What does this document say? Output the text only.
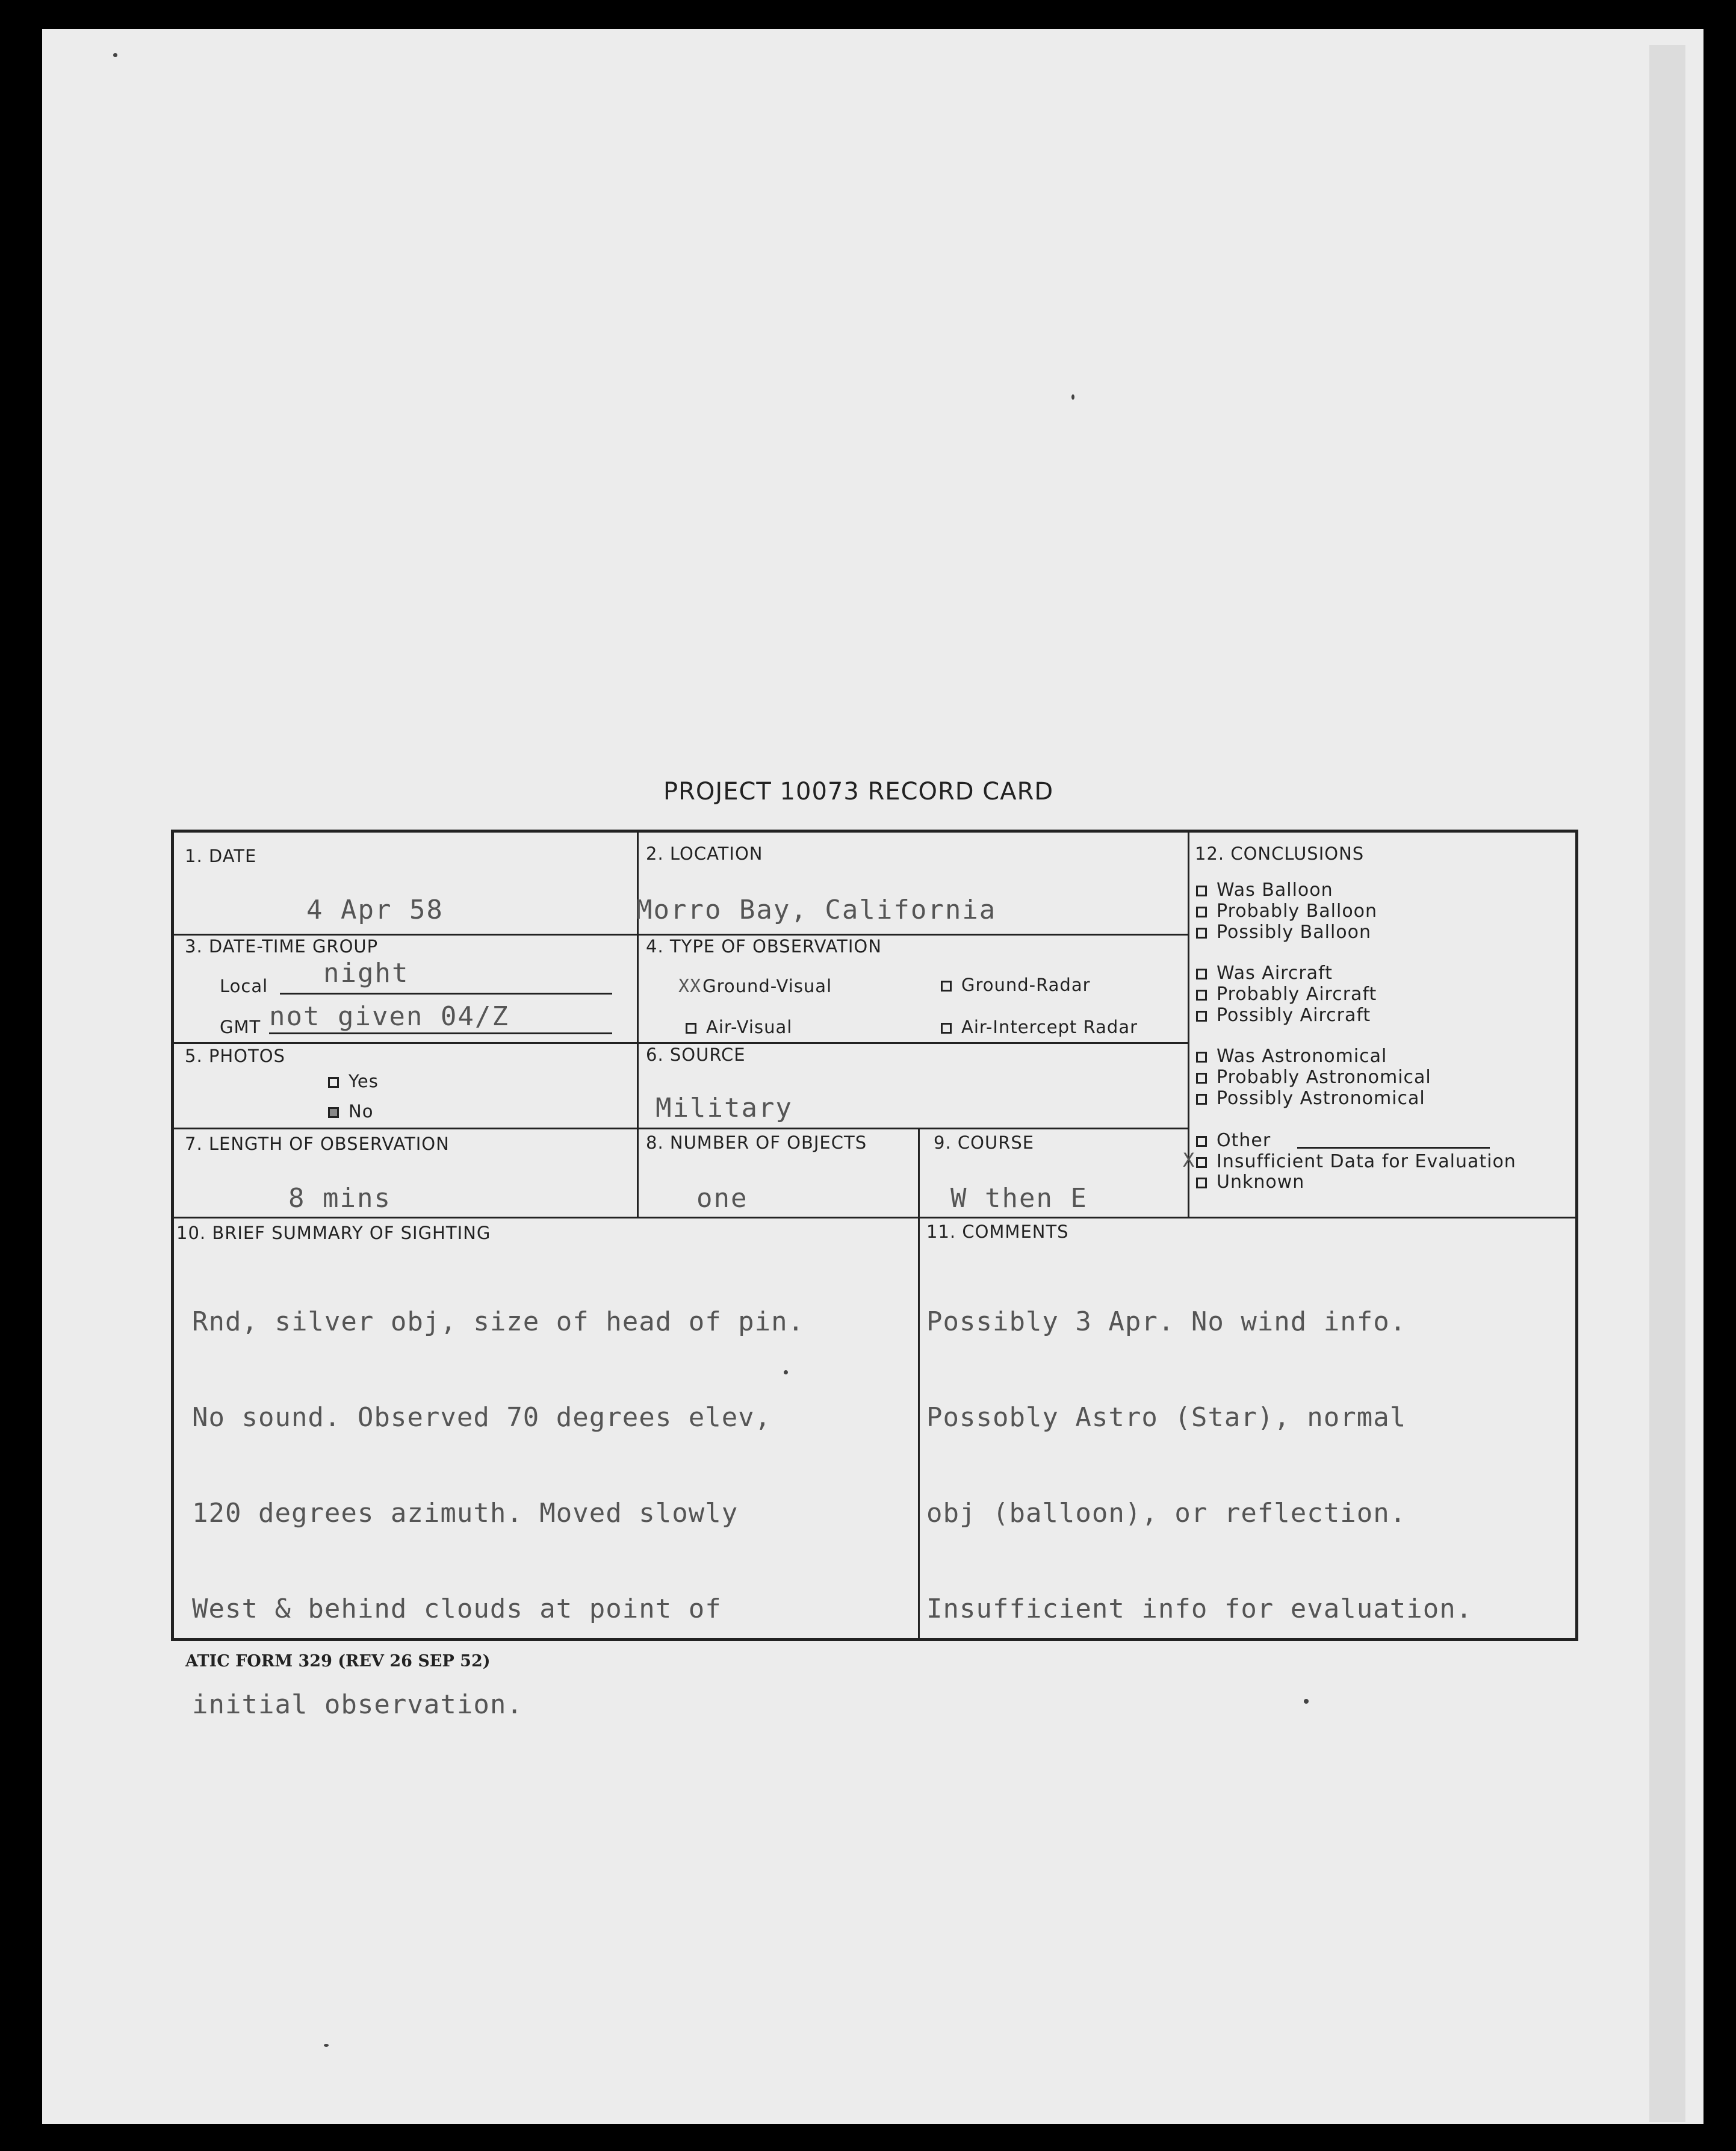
PROJECT 10073 RECORD CARD
1. DATE
4 Apr 58
2. LOCATION
Morro Bay, California
3. DATE-TIME GROUP
Local night
GMT not given 04/Z
4. TYPE OF OBSERVATION
XXGround-Visual	Ground-Radar
Air-Visual	Air-Intercept Radar
5. PHOTOS
Yes
No
6. SOURCE
Military
7. LENGTH OF OBSERVATION
8 mins
8. NUMBER OF OBJECTS
one
9. COURSE
W then E
10. BRIEF SUMMARY OF SIGHTING

Rnd, silver obj, size of head of pin.

No sound. Observed 70 degrees elev,

120 degrees azimuth. Moved slowly

West & behind clouds at point of

initial observation.

11. COMMENTS

Possibly 3 Apr. No wind info.

Possobly Astro (Star), normal

obj (balloon), or reflection.

Insufficient info for evaluation.

12. CONCLUSIONS
Was Balloon
Probably Balloon
Possibly Balloon
Was Aircraft
Probably Aircraft
Possibly Aircraft
Was Astronomical
Probably Astronomical
Possibly Astronomical
Other
X Insufficient Data for Evaluation
Unknown
ATIC FORM 329 (REV 26 SEP 52)
